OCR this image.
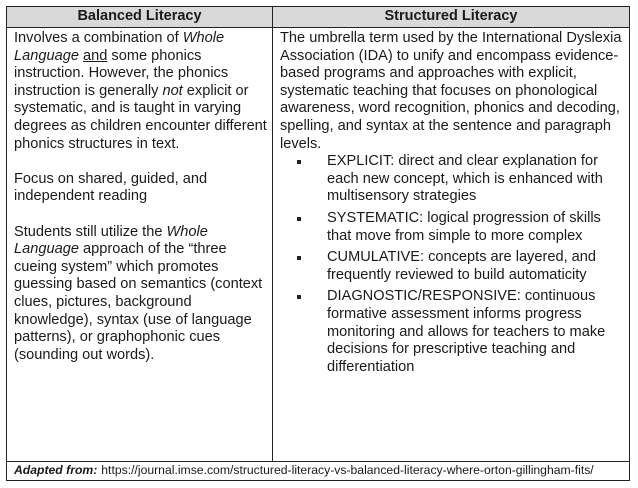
Balanced Literacy	Structured Literacy

Involves a combination of Whole Language and some phonics instruction. However, the phonics instruction is generally not explicit or systematic, and is taught in varying degrees as children encounter different phonics structures in text.

Focus on shared, guided, and independent reading

Students still utilize the Whole Language approach of the “three cueing system” which promotes guessing based on semantics (context clues, pictures, background knowledge), syntax (use of language patterns), or graphophonic cues (sounding out words).

The umbrella term used by the International Dyslexia Association (IDA) to unify and encompass evidence-based programs and approaches with explicit, systematic teaching that focuses on phonological awareness, word recognition, phonics and decoding, spelling, and syntax at the sentence and paragraph levels.

EXPLICIT: direct and clear explanation for each new concept, which is enhanced with multisensory strategies
SYSTEMATIC: logical progression of skills that move from simple to more complex
CUMULATIVE: concepts are layered, and frequently reviewed to build automaticity
DIAGNOSTIC/RESPONSIVE: continuous formative assessment informs progress monitoring and allows for teachers to make decisions for prescriptive teaching and differentiation
Adapted from: https://journal.imse.com/structured-literacy-vs-balanced-literacy-where-orton-gillingham-fits/
